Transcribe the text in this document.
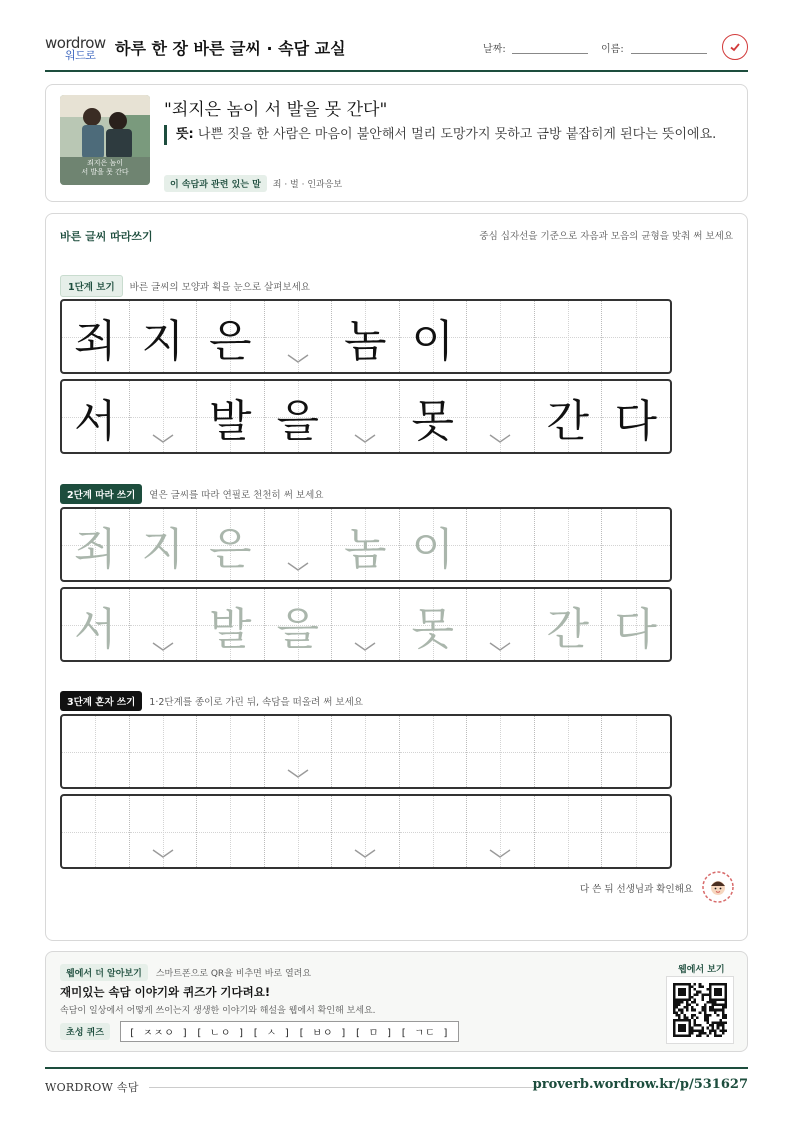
wordrow
워드로 하루 한 장 바른 글씨 · 속담 교실	날짜:	이름:
죄지은 놈이
서 발을 못 간다
"죄지은 놈이 서 발을 못 간다"
뜻: 나쁜 짓을 한 사람은 마음이 불안해서 멀리 도망가지 못하고 금방 붙잡히게 된다는 뜻이에요.
이 속담과 관련 있는 말	죄 · 벌 · 인과응보
바른 글씨 따라쓰기	중심 십자선을 기준으로 자음과 모음의 균형을 맞춰 써 보세요
1단계 보기	바른 글씨의 모양과 획을 눈으로 살펴보세요
죄 지 은 놈 이
서 발 을 못 간 다
2단계 따라 쓰기	옅은 글씨를 따라 연필로 천천히 써 보세요
죄 지 은 놈 이
서 발 을 못 간 다
3단계 혼자 쓰기	1·2단계를 종이로 가린 뒤, 속담을 떠올려 써 보세요
다 쓴 뒤 선생님과 확인해요
웹에서 더 알아보기	스마트폰으로 QR을 비추면 바로 열려요
재미있는 속담 이야기와 퀴즈가 기다려요!
속담이 일상에서 어떻게 쓰이는지 생생한 이야기와 해설을 웹에서 확인해 보세요.
초성 퀴즈	[ ㅈㅈㅇ ] [ ㄴㅇ ] [ ㅅ ] [ ㅂㅇ ] [ ㅁ ] [ ㄱㄷ ]
웹에서 보기
WORDROW 속담	proverb.wordrow.kr/p/531627
